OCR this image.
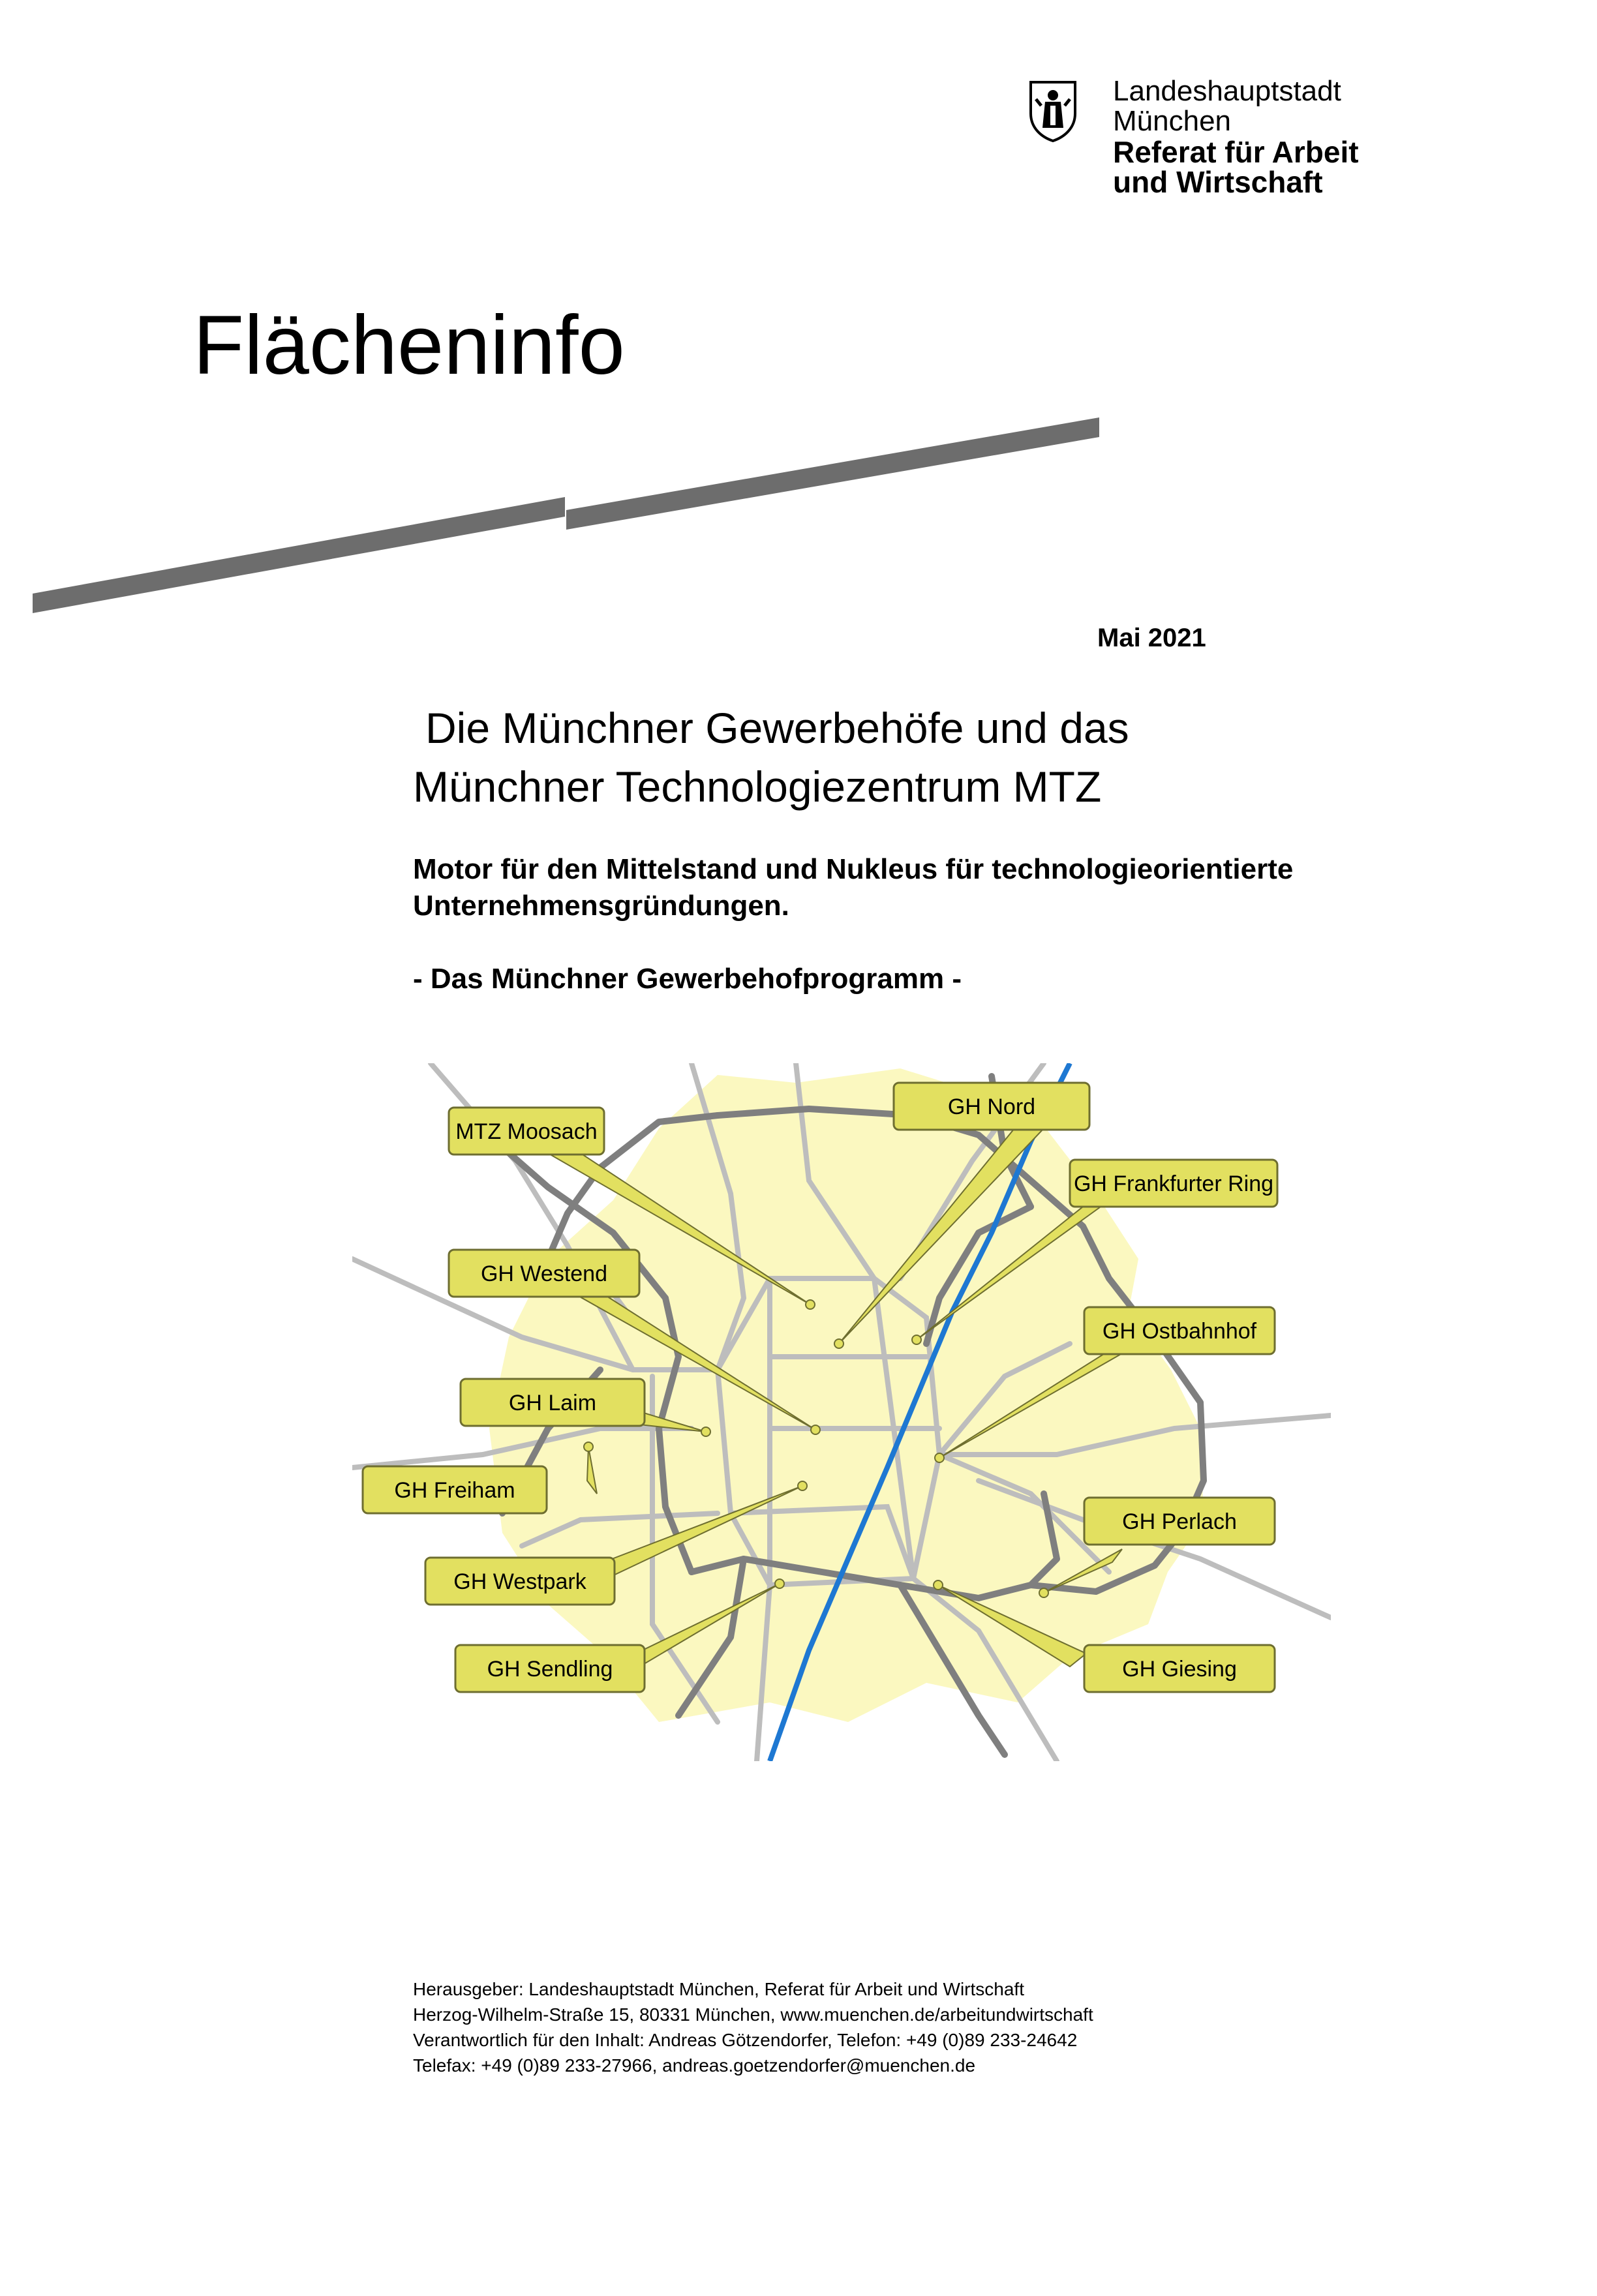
Landeshauptstadt
München
Referat für Arbeit
und Wirtschaft
Flächeninfo
Mai 2021
Die Münchner Gewerbehöfe und das
Münchner Technologiezentrum MTZ
Motor für den Mittelstand und Nukleus für technologieorientierte
Unternehmensgründungen.
- Das Münchner Gewerbehofprogramm -
MTZ Moosach
GH Nord
GH Frankfurter Ring
GH Westend
GH Ostbahnhof
GH Laim
GH Freiham
GH Perlach
GH Westpark
GH Sendling	GH Giesing
Herausgeber: Landeshauptstadt München, Referat für Arbeit und Wirtschaft
Herzog-Wilhelm-Straße 15, 80331 München, www.muenchen.de/arbeitundwirtschaft
Verantwortlich für den Inhalt: Andreas Götzendorfer, Telefon: +49 (0)89 233-24642
Telefax: +49 (0)89 233-27966, andreas.goetzendorfer@muenchen.de
